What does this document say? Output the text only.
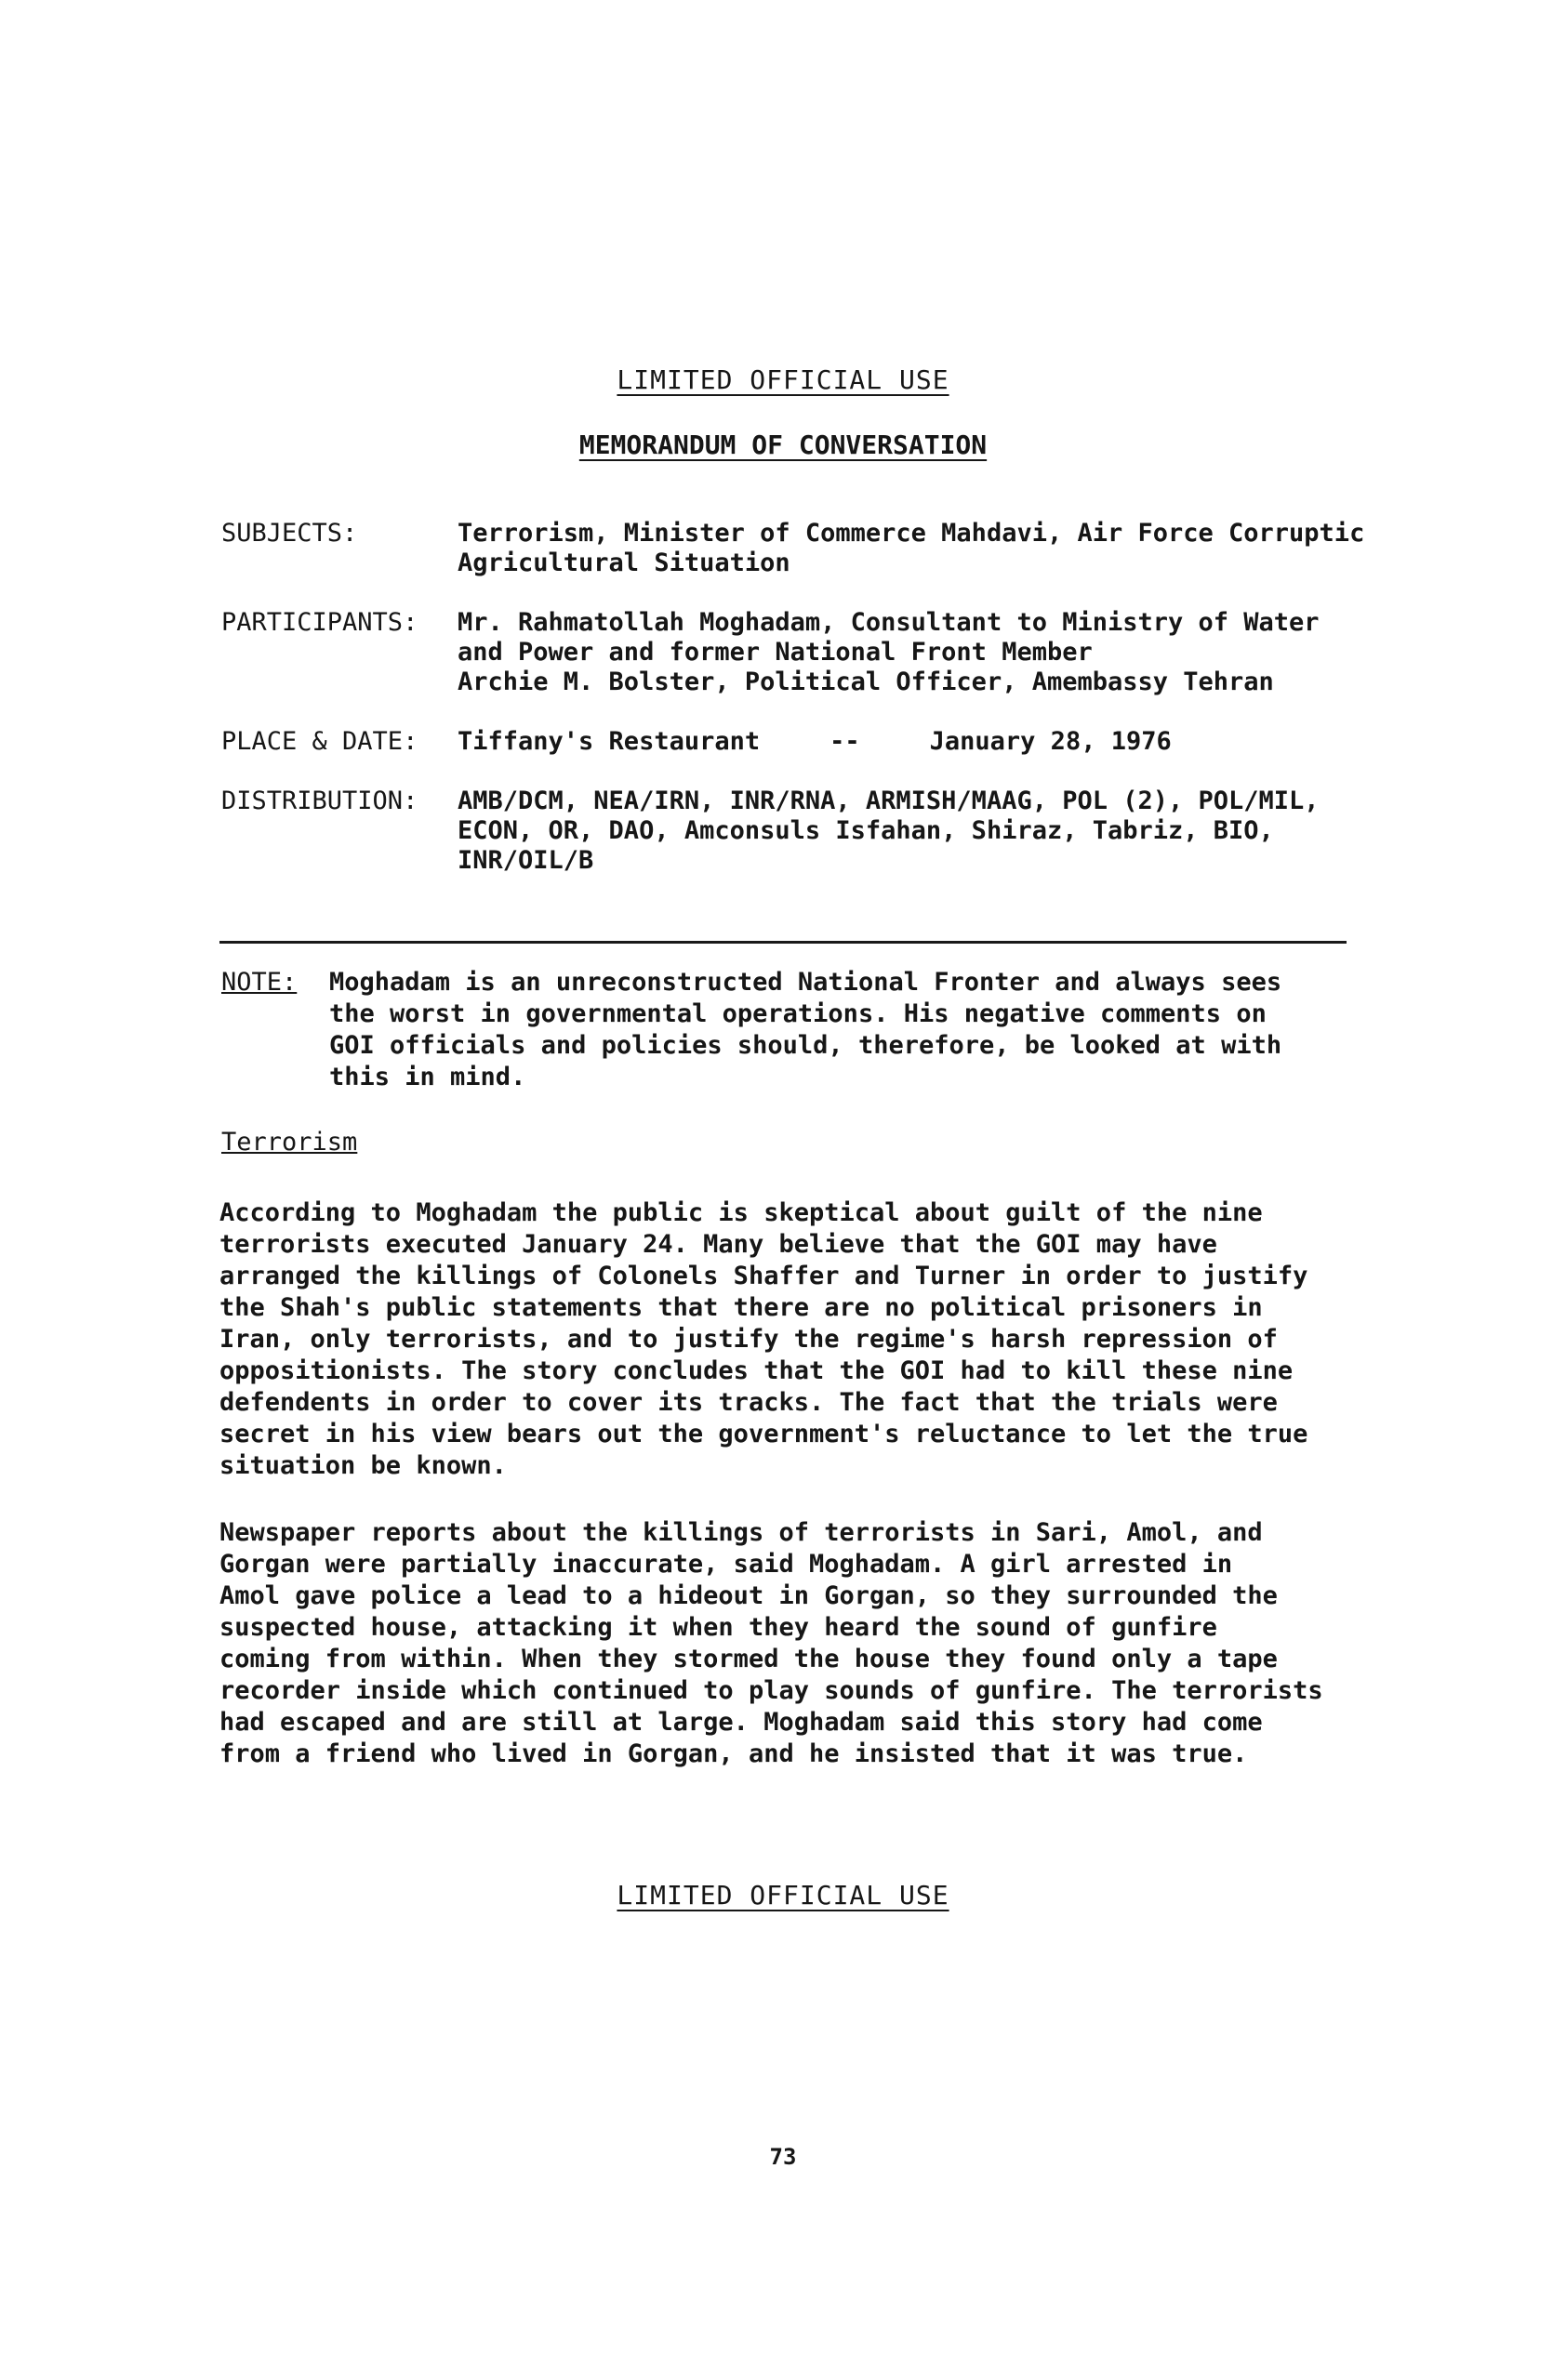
LIMITED OFFICIAL USE
MEMORANDUM OF CONVERSATION
SUBJECTS:	Terrorism, Minister of Commerce Mahdavi, Air Force Corruptic
Agricultural Situation
PARTICIPANTS:	Mr. Rahmatollah Moghadam, Consultant to Ministry of Water
and Power and former National Front Member
Archie M. Bolster, Political Officer, Amembassy Tehran
PLACE & DATE:	Tiffany's Restaurant	--	January 28, 1976
DISTRIBUTION:	AMB/DCM, NEA/IRN, INR/RNA, ARMISH/MAAG, POL (2), POL/MIL,
ECON, OR, DAO, Amconsuls Isfahan, Shiraz, Tabriz, BIO,
INR/OIL/B
NOTE:	Moghadam is an unreconstructed National Fronter and always sees
the worst in governmental operations. His negative comments on
GOI officials and policies should, therefore, be looked at with
this in mind.
Terrorism
According to Moghadam the public is skeptical about guilt of the nine
terrorists executed January 24. Many believe that the GOI may have
arranged the killings of Colonels Shaffer and Turner in order to justify
the Shah's public statements that there are no political prisoners in
Iran, only terrorists, and to justify the regime's harsh repression of
oppositionists. The story concludes that the GOI had to kill these nine
defendents in order to cover its tracks. The fact that the trials were
secret in his view bears out the government's reluctance to let the true
situation be known.
Newspaper reports about the killings of terrorists in Sari, Amol, and
Gorgan were partially inaccurate, said Moghadam. A girl arrested in
Amol gave police a lead to a hideout in Gorgan, so they surrounded the
suspected house, attacking it when they heard the sound of gunfire
coming from within. When they stormed the house they found only a tape
recorder inside which continued to play sounds of gunfire. The terrorists
had escaped and are still at large. Moghadam said this story had come
from a friend who lived in Gorgan, and he insisted that it was true.
LIMITED OFFICIAL USE
73
